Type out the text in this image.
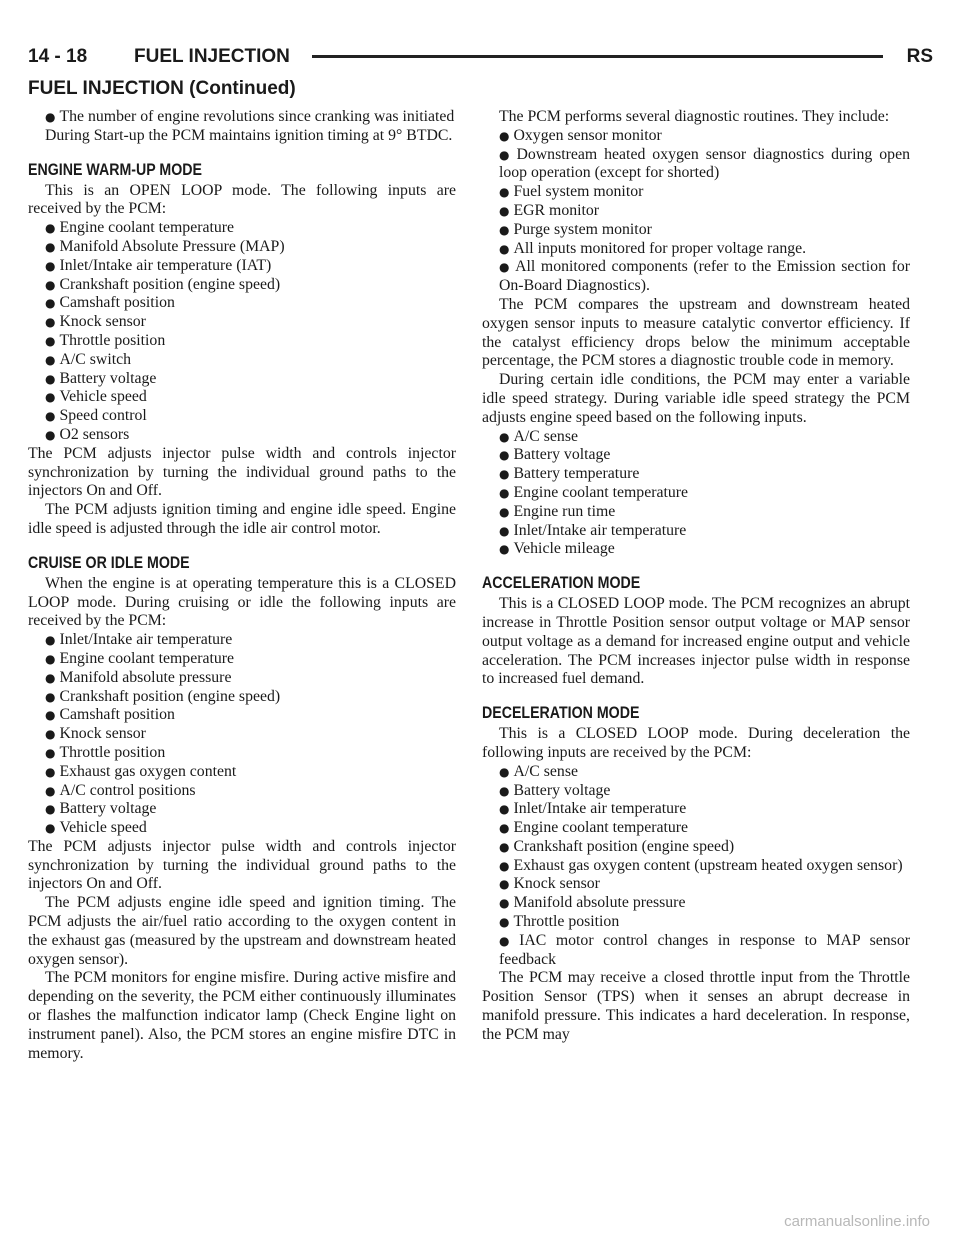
14 - 18 FUEL INJECTION	RS
FUEL INJECTION (Continued)

● The number of engine revolutions since cranking was initiated

During Start-up the PCM maintains ignition timing at 9° BTDC.

ENGINE WARM-UP MODE

This is an OPEN LOOP mode. The following inputs are received by the PCM:

● Engine coolant temperature

● Manifold Absolute Pressure (MAP)

● Inlet/Intake air temperature (IAT)

● Crankshaft position (engine speed)

● Camshaft position

● Knock sensor

● Throttle position

● A/C switch

● Battery voltage

● Vehicle speed

● Speed control

● O2 sensors

The PCM adjusts injector pulse width and controls injector synchronization by turning the individual ground paths to the injectors On and Off.

The PCM adjusts ignition timing and engine idle speed. Engine idle speed is adjusted through the idle air control motor.

CRUISE OR IDLE MODE

When the engine is at operating temperature this is a CLOSED LOOP mode. During cruising or idle the following inputs are received by the PCM:

● Inlet/Intake air temperature

● Engine coolant temperature

● Manifold absolute pressure

● Crankshaft position (engine speed)

● Camshaft position

● Knock sensor

● Throttle position

● Exhaust gas oxygen content

● A/C control positions

● Battery voltage

● Vehicle speed

The PCM adjusts injector pulse width and controls injector synchronization by turning the individual ground paths to the injectors On and Off.

The PCM adjusts engine idle speed and ignition timing. The PCM adjusts the air/fuel ratio according to the oxygen content in the exhaust gas (measured by the upstream and downstream heated oxygen sensor).

The PCM monitors for engine misfire. During active misfire and depending on the severity, the PCM either continuously illuminates or flashes the malfunction indicator lamp (Check Engine light on instrument panel). Also, the PCM stores an engine misfire DTC in memory.

The PCM performs several diagnostic routines. They include:

● Oxygen sensor monitor

● Downstream heated oxygen sensor diagnostics during open loop operation (except for shorted)

● Fuel system monitor

● EGR monitor

● Purge system monitor

● All inputs monitored for proper voltage range.

● All monitored components (refer to the Emission section for On-Board Diagnostics).

The PCM compares the upstream and downstream heated oxygen sensor inputs to measure catalytic convertor efficiency. If the catalyst efficiency drops below the minimum acceptable percentage, the PCM stores a diagnostic trouble code in memory.

During certain idle conditions, the PCM may enter a variable idle speed strategy. During variable idle speed strategy the PCM adjusts engine speed based on the following inputs.

● A/C sense

● Battery voltage

● Battery temperature

● Engine coolant temperature

● Engine run time

● Inlet/Intake air temperature

● Vehicle mileage

ACCELERATION MODE

This is a CLOSED LOOP mode. The PCM recognizes an abrupt increase in Throttle Position sensor output voltage or MAP sensor output voltage as a demand for increased engine output and vehicle acceleration. The PCM increases injector pulse width in response to increased fuel demand.

DECELERATION MODE

This is a CLOSED LOOP mode. During deceleration the following inputs are received by the PCM:

● A/C sense

● Battery voltage

● Inlet/Intake air temperature

● Engine coolant temperature

● Crankshaft position (engine speed)

● Exhaust gas oxygen content (upstream heated oxygen sensor)

● Knock sensor

● Manifold absolute pressure

● Throttle position

● IAC motor control changes in response to MAP sensor feedback

The PCM may receive a closed throttle input from the Throttle Position Sensor (TPS) when it senses an abrupt decrease in manifold pressure. This indicates a hard deceleration. In response, the PCM may

carmanualsonline.info
